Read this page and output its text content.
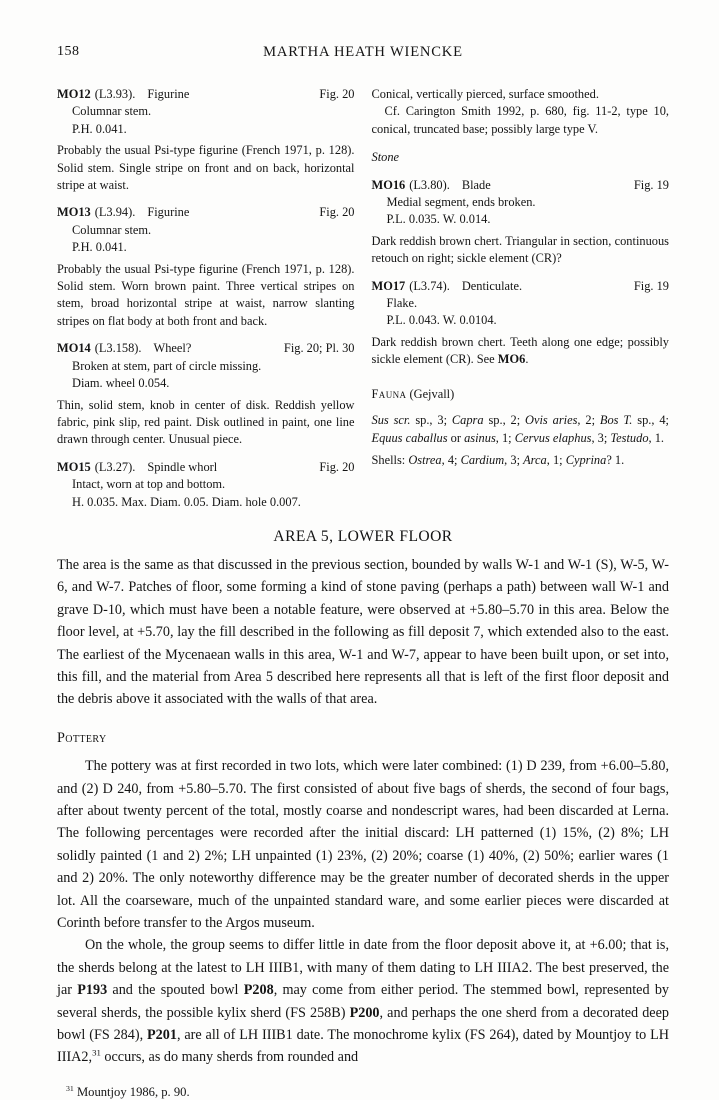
158	MARTHA HEATH WIENCKE
MO12 (L3.93). Figurine	Fig. 20
Columnar stem.
P.H. 0.041.

Probably the usual Psi-type figurine (French 1971, p. 128). Solid stem. Single stripe on front and on back, horizontal stripe at waist.

MO13 (L3.94). Figurine	Fig. 20
Columnar stem.
P.H. 0.041.

Probably the usual Psi-type figurine (French 1971, p. 128). Solid stem. Worn brown paint. Three vertical stripes on stem, broad horizontal stripe at waist, narrow slanting stripes on flat body at both front and back.

MO14 (L3.158). Wheel?	Fig. 20; Pl. 30
Broken at stem, part of circle missing.
Diam. wheel 0.054.

Thin, solid stem, knob in center of disk. Reddish yellow fabric, pink slip, red paint. Disk outlined in paint, one line drawn through center. Unusual piece.

MO15 (L3.27). Spindle whorl	Fig. 20
Intact, worn at top and bottom.
H. 0.035. Max. Diam. 0.05. Diam. hole 0.007.

Conical, vertically pierced, surface smoothed.

Cf. Carington Smith 1992, p. 680, fig. 11-2, type 10, conical, truncated base; possibly large type V.

Stone
MO16 (L3.80). Blade	Fig. 19
Medial segment, ends broken.
P.L. 0.035. W. 0.014.

Dark reddish brown chert. Triangular in section, continuous retouch on right; sickle element (CR)?

MO17 (L3.74). Denticulate.	Fig. 19
Flake.
P.L. 0.043. W. 0.0104.

Dark reddish brown chert. Teeth along one edge; possibly sickle element (CR). See MO6.

Fauna (Gejvall)

Sus scr. sp., 3; Capra sp., 2; Ovis aries, 2; Bos T. sp., 4; Equus caballus or asinus, 1; Cervus elaphus, 3; Testudo, 1.

Shells: Ostrea, 4; Cardium, 3; Arca, 1; Cyprina? 1.

AREA 5, LOWER FLOOR

The area is the same as that discussed in the previous section, bounded by walls W-1 and W-1 (S), W-5, W-6, and W-7. Patches of floor, some forming a kind of stone paving (perhaps a path) between wall W-1 and grave D-10, which must have been a notable feature, were observed at +5.80–5.70 in this area. Below the floor level, at +5.70, lay the fill described in the following as fill deposit 7, which extended also to the east. The earliest of the Mycenaean walls in this area, W-1 and W-7, appear to have been built upon, or set into, this fill, and the material from Area 5 described here represents all that is left of the first floor deposit and the debris above it associated with the walls of that area.

Pottery

The pottery was at first recorded in two lots, which were later combined: (1) D 239, from +6.00–5.80, and (2) D 240, from +5.80–5.70. The first consisted of about five bags of sherds, the second of four bags, after about twenty percent of the total, mostly coarse and nondescript wares, had been discarded at Lerna. The following percentages were recorded after the initial discard: LH patterned (1) 15%, (2) 8%; LH solidly painted (1 and 2) 2%; LH unpainted (1) 23%, (2) 20%; coarse (1) 40%, (2) 50%; earlier wares (1 and 2) 20%. The only noteworthy difference may be the greater number of decorated sherds in the upper lot. All the coarseware, much of the unpainted standard ware, and some earlier pieces were discarded at Corinth before transfer to the Argos museum.

On the whole, the group seems to differ little in date from the floor deposit above it, at +6.00; that is, the sherds belong at the latest to LH IIIB1, with many of them dating to LH IIIA2. The best preserved, the jar P193 and the spouted bowl P208, may come from either period. The stemmed bowl, represented by several sherds, the possible kylix sherd (FS 258B) P200, and perhaps the one sherd from a decorated deep bowl (FS 284), P201, are all of LH IIIB1 date. The monochrome kylix (FS 264), dated by Mountjoy to LH IIIA2,31 occurs, as do many sherds from rounded and

$^{31}$ Mountjoy 1986, p. 90.
